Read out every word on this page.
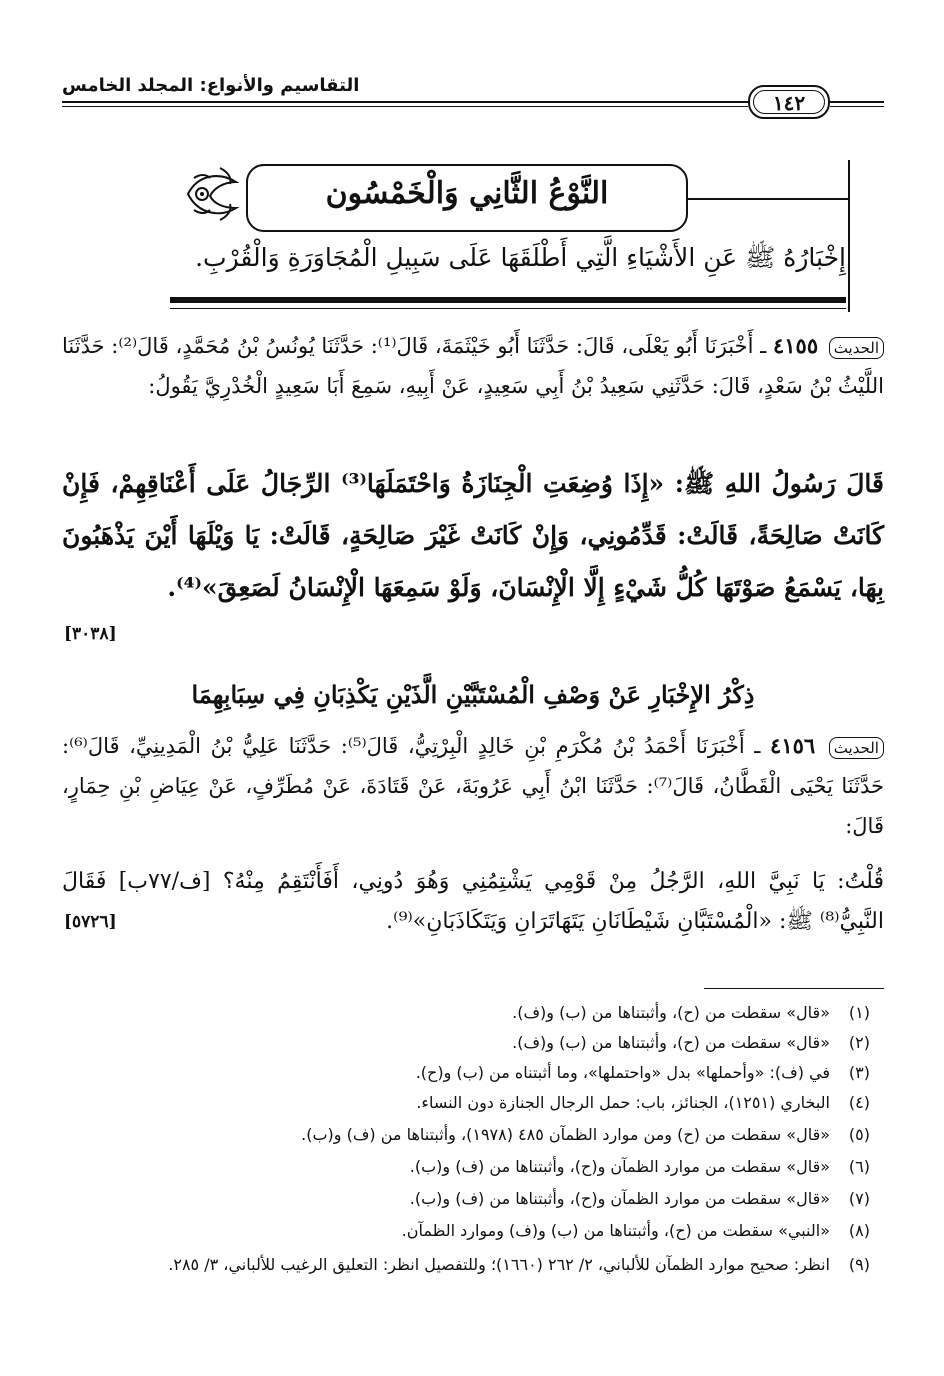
التقاسيم والأنواع: المجلد الخامس
١٤٢
النَّوْعُ الثَّانِي وَالْخَمْسُون
إِخْبَارُهُ ﷺ عَنِ الأَشْيَاءِ الَّتِي أَطْلَقَهَا عَلَى سَبِيلِ الْمُجَاوَرَةِ وَالْقُرْبِ.
الحديث ٤١٥٥ ـ أَخْبَرَنَا أَبُو يَعْلَى، قَالَ: حَدَّثَنَا أَبُو خَيْثَمَةَ، قَالَ⁽¹⁾: حَدَّثَنَا يُونُسُ بْنُ مُحَمَّدٍ، قَالَ⁽²⁾: حَدَّثَنَا اللَّيْثُ بْنُ سَعْدٍ، قَالَ: حَدَّثَنِي سَعِيدُ بْنُ أَبِي سَعِيدٍ، عَنْ أَبِيهِ، سَمِعَ أَبَا سَعِيدٍ الْخُدْرِيَّ يَقُولُ:
قَالَ رَسُولُ اللهِ ﷺ: «إِذَا وُضِعَتِ الْجِنَازَةُ وَاحْتَمَلَهَا⁽³⁾ الرِّجَالُ عَلَى أَعْنَاقِهِمْ، فَإِنْ كَانَتْ صَالِحَةً، قَالَتْ: قَدِّمُونِي، وَإِنْ كَانَتْ غَيْرَ صَالِحَةٍ، قَالَتْ: يَا وَيْلَهَا أَيْنَ يَذْهَبُونَ بِهَا، يَسْمَعُ صَوْتَهَا كُلُّ شَيْءٍ إِلَّا الْإِنْسَانَ، وَلَوْ سَمِعَهَا الْإِنْسَانُ لَصَعِقَ»⁽⁴⁾.
[٣٠٣٨]
ذِكْرُ الإِخْبَارِ عَنْ وَصْفِ الْمُسْتَبَّيْنِ الَّذَيْنِ يَكْذِبَانِ فِي سِبَابِهِمَا
الحديث ٤١٥٦ ـ أَخْبَرَنَا أَحْمَدُ بْنُ مُكْرَمِ بْنِ خَالِدٍ الْبِرْتِيُّ، قَالَ⁽⁵⁾: حَدَّثَنَا عَلِيُّ بْنُ الْمَدِينِيِّ، قَالَ⁽⁶⁾: حَدَّثَنَا يَحْيَى الْقَطَّانُ، قَالَ⁽⁷⁾: حَدَّثَنَا ابْنُ أَبِي عَرُوبَةَ، عَنْ قَتَادَةَ، عَنْ مُطَرِّفٍ، عَنْ عِيَاضِ بْنِ حِمَارٍ، قَالَ:
قُلْتُ: يَا نَبِيَّ اللهِ، الرَّجُلُ مِنْ قَوْمِي يَشْتِمُنِي وَهُوَ دُونِي، أَفَأَنْتَقِمُ مِنْهُ؟ [ف/٧٧ب] فَقَالَ النَّبِيُّ⁽⁸⁾ ﷺ: «الْمُسْتَبَّانِ شَيْطَانَانِ يَتَهَاتَرَانِ وَيَتَكَاذَبَانِ»⁽⁹⁾.
[٥٧٢٦]
(١)«قال» سقطت من (ح)، وأثبتناها من (ب) و(ف).
(٢)«قال» سقطت من (ح)، وأثبتناها من (ب) و(ف).
(٣)في (ف): «وأحملها» بدل «واحتملها»، وما أثبتناه من (ب) و(ح).
(٤)البخاري (١٢٥١)، الجنائز، باب: حمل الرجال الجنازة دون النساء.
(٥)«قال» سقطت من (ح) ومن موارد الظمآن ٤٨٥ (١٩٧٨)، وأثبتناها من (ف) و(ب).
(٦)«قال» سقطت من موارد الظمآن و(ح)، وأثبتناها من (ف) و(ب).
(٧)«قال» سقطت من موارد الظمآن و(ح)، وأثبتناها من (ف) و(ب).
(٨)«النبي» سقطت من (ح)، وأثبتناها من (ب) و(ف) وموارد الظمآن.
(٩)انظر: صحيح موارد الظمآن للألباني، ٢/ ٢٦٢ (١٦٦٠)؛ وللتفصيل انظر: التعليق الرغيب للألباني، ٣/ ٢٨٥.
